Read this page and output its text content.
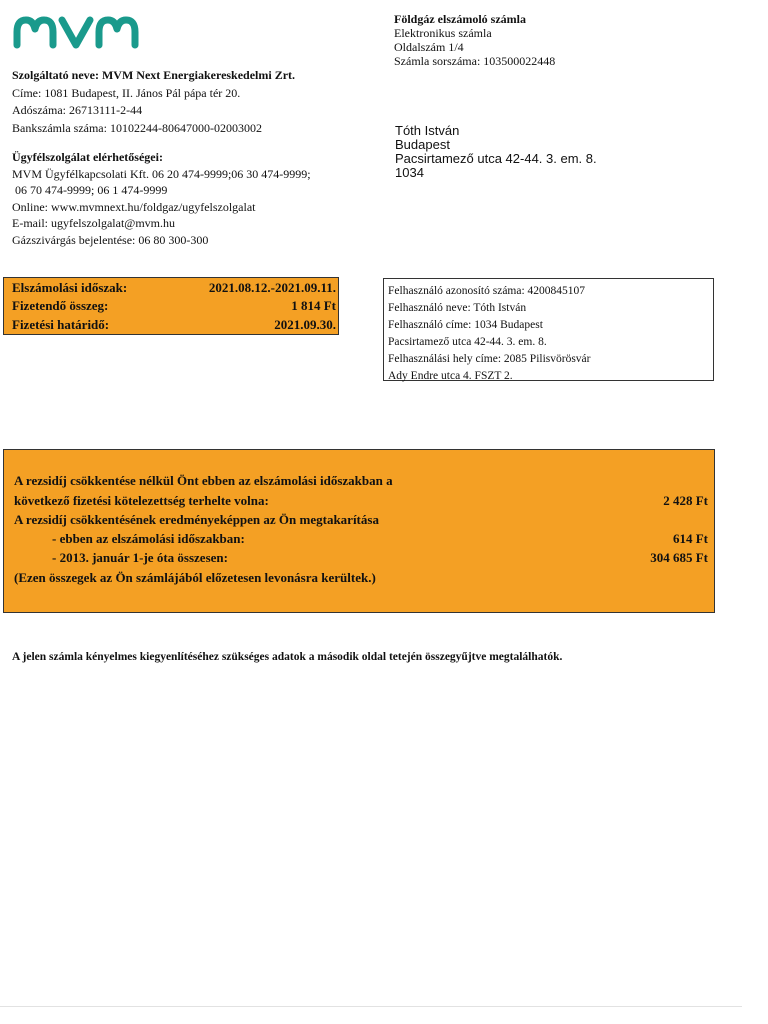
Földgáz elszámoló számla
Elektronikus számla
Oldalszám 1/4
Számla sorszáma: 103500022448
Szolgáltató neve: MVM Next Energiakereskedelmi Zrt.
Címe: 1081 Budapest, II. János Pál pápa tér 20.
Adószáma: 26713111-2-44
Bankszámla száma: 10102244-80647000-02003002
Ügyfélszolgálat elérhetőségei:
MVM Ügyfélkapcsolati Kft. 06 20 474-9999;06 30 474-9999;
06 70 474-9999; 06 1 474-9999
Online: www.mvmnext.hu/foldgaz/ugyfelszolgalat
E-mail: ugyfelszolgalat@mvm.hu
Gázszivárgás bejelentése: 06 80 300-300
Tóth István
Budapest
Pacsirtamező utca 42-44. 3. em. 8.
1034
Elszámolási időszak:	2021.08.12.-2021.09.11.
Fizetendő összeg:	1 814 Ft
Fizetési határidő:	2021.09.30.
Felhasználó azonosító száma: 4200845107
Felhasználó neve: Tóth István
Felhasználó címe: 1034 Budapest
Pacsirtamező utca 42-44. 3. em. 8.
Felhasználási hely címe: 2085 Pilisvörösvár
Ady Endre utca 4. FSZT 2.
A rezsidíj csökkentése nélkül Önt ebben az elszámolási időszakban a
következő fizetési kötelezettség terhelte volna:	2 428 Ft
A rezsidíj csökkentésének eredményeképpen az Ön megtakarítása
- ebben az elszámolási időszakban:	614 Ft
- 2013. január 1-je óta összesen:	304 685 Ft
(Ezen összegek az Ön számlájából előzetesen levonásra kerültek.)
A jelen számla kényelmes kiegyenlítéséhez szükséges adatok a második oldal tetején összegyűjtve megtalálhatók.
